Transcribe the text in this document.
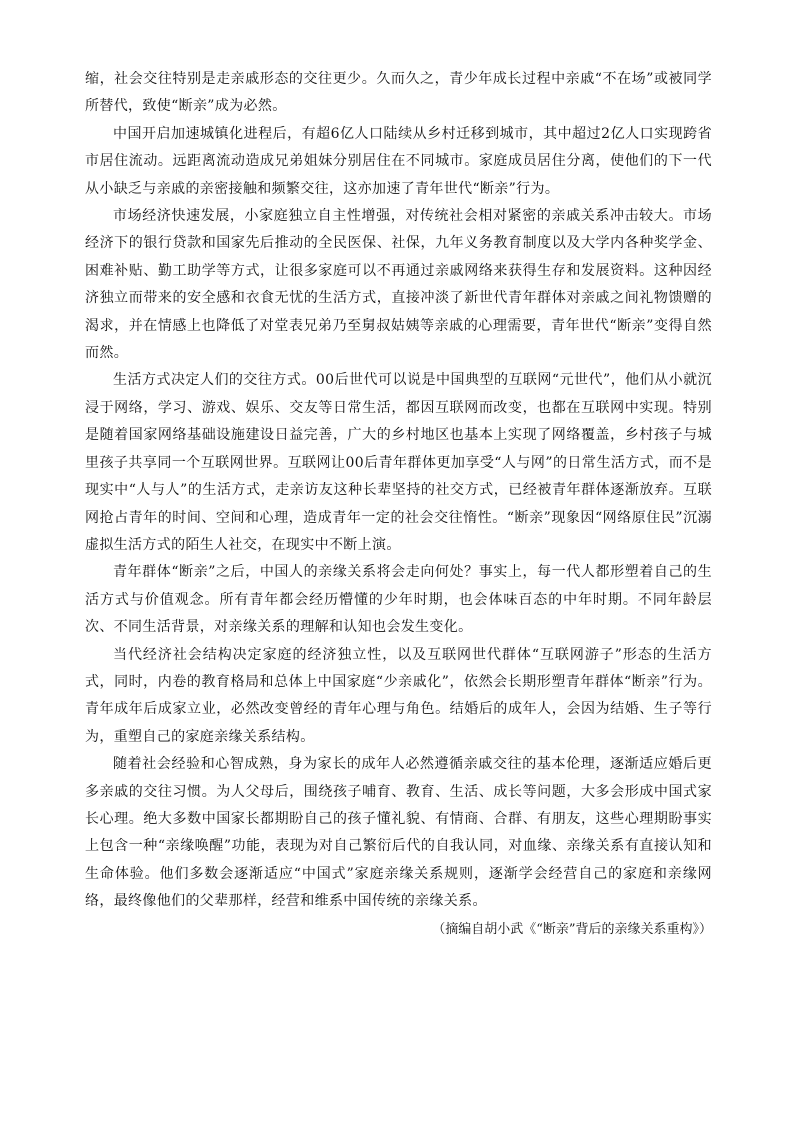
缩，社会交往特别是走亲戚形态的交往更少。久而久之，青少年成长过程中亲戚“不在场”或被同学所替代，致使“断亲”成为必然。

中国开启加速城镇化进程后，有超6亿人口陆续从乡村迁移到城市，其中超过2亿人口实现跨省市居住流动。远距离流动造成兄弟姐妹分别居住在不同城市。家庭成员居住分离，使他们的下一代从小缺乏与亲戚的亲密接触和频繁交往，这亦加速了青年世代“断亲”行为。

市场经济快速发展，小家庭独立自主性增强，对传统社会相对紧密的亲戚关系冲击较大。市场经济下的银行贷款和国家先后推动的全民医保、社保，九年义务教育制度以及大学内各种奖学金、困难补贴、勤工助学等方式，让很多家庭可以不再通过亲戚网络来获得生存和发展资料。这种因经济独立而带来的安全感和衣食无忧的生活方式，直接冲淡了新世代青年群体对亲戚之间礼物馈赠的渴求，并在情感上也降低了对堂表兄弟乃至舅叔姑姨等亲戚的心理需要，青年世代“断亲”变得自然而然。

生活方式决定人们的交往方式。00后世代可以说是中国典型的互联网“元世代”，他们从小就沉浸于网络，学习、游戏、娱乐、交友等日常生活，都因互联网而改变，也都在互联网中实现。特别是随着国家网络基础设施建设日益完善，广大的乡村地区也基本上实现了网络覆盖，乡村孩子与城里孩子共享同一个互联网世界。互联网让00后青年群体更加享受“人与网”的日常生活方式，而不是现实中“人与人”的生活方式，走亲访友这种长辈坚持的社交方式，已经被青年群体逐渐放弃。互联网抢占青年的时间、空间和心理，造成青年一定的社会交往惰性。“断亲”现象因“网络原住民”沉溺虚拟生活方式的陌生人社交，在现实中不断上演。

青年群体“断亲”之后，中国人的亲缘关系将会走向何处？事实上，每一代人都形塑着自己的生活方式与价值观念。所有青年都会经历懵懂的少年时期，也会体味百态的中年时期。不同年龄层次、不同生活背景，对亲缘关系的理解和认知也会发生变化。

当代经济社会结构决定家庭的经济独立性，以及互联网世代群体“互联网游子”形态的生活方式，同时，内卷的教育格局和总体上中国家庭“少亲戚化”，依然会长期形塑青年群体“断亲”行为。青年成年后成家立业，必然改变曾经的青年心理与角色。结婚后的成年人，会因为结婚、生子等行为，重塑自己的家庭亲缘关系结构。

随着社会经验和心智成熟，身为家长的成年人必然遵循亲戚交往的基本伦理，逐渐适应婚后更多亲戚的交往习惯。为人父母后，围绕孩子哺育、教育、生活、成长等问题，大多会形成中国式家长心理。绝大多数中国家长都期盼自己的孩子懂礼貌、有情商、合群、有朋友，这些心理期盼事实上包含一种“亲缘唤醒”功能，表现为对自己繁衍后代的自我认同，对血缘、亲缘关系有直接认知和生命体验。他们多数会逐渐适应“中国式”家庭亲缘关系规则，逐渐学会经营自己的家庭和亲缘网络，最终像他们的父辈那样，经营和维系中国传统的亲缘关系。

（摘编自胡小武《“断亲”背后的亲缘关系重构》）
